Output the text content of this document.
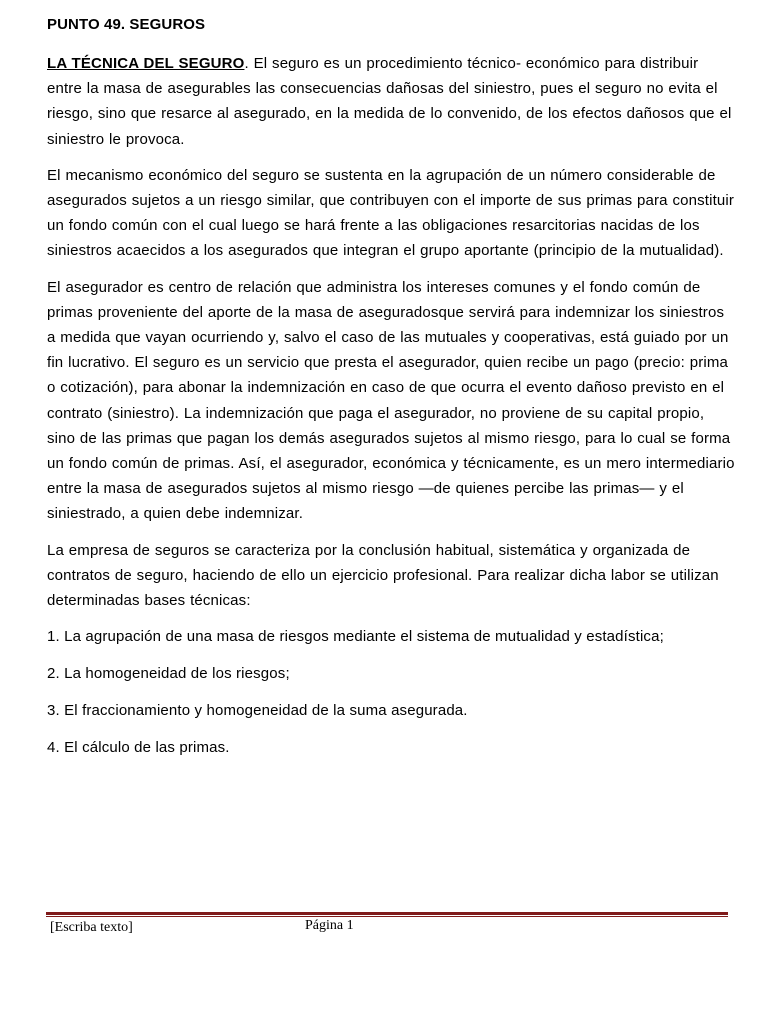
PUNTO 49. SEGUROS

LA TÉCNICA DEL SEGURO. El seguro es un procedimiento técnico- económico para distribuir entre la masa de asegurables las consecuencias dañosas del siniestro, pues el seguro no evita el riesgo, sino que resarce al asegurado, en la medida de lo convenido, de los efectos dañosos que el siniestro le provoca.

El mecanismo económico del seguro se sustenta en la agrupación de un número considerable de asegurados sujetos a un riesgo similar, que contribuyen con el importe de sus primas para constituir un fondo común con el cual luego se hará frente a las obligaciones resarcitorias nacidas de los siniestros acaecidos a los asegurados que integran el grupo aportante (principio de la mutualidad).

El asegurador es centro de relación que administra los intereses comunes y el fondo común de primas proveniente del aporte de la masa de aseguradosque servirá para indemnizar los siniestros a medida que vayan ocurriendo y, salvo el caso de las mutuales y cooperativas, está guiado por un fin lucrativo. El seguro es un servicio que presta el asegurador, quien recibe un pago (precio: prima o cotización), para abonar la indemnización en caso de que ocurra el evento dañoso previsto en el contrato (siniestro). La indemnización que paga el asegurador, no proviene de su capital propio, sino de las primas que pagan los demás asegurados sujetos al mismo riesgo, para lo cual se forma un fondo común de primas. Así, el asegurador, económica y técnicamente, es un mero intermediario entre la masa de asegurados sujetos al mismo riesgo —de quienes percibe las primas— y el siniestrado, a quien debe indemnizar.

La empresa de seguros se caracteriza por la conclusión habitual, sistemática y organizada de contratos de seguro, haciendo de ello un ejercicio profesional. Para realizar dicha labor se utilizan determinadas bases técnicas:

1. La agrupación de una masa de riesgos mediante el sistema de mutualidad y estadística;

2. La homogeneidad de los riesgos;

3. El fraccionamiento y homogeneidad de la suma asegurada.

4. El cálculo de las primas.

[Escriba texto]	Página 1
